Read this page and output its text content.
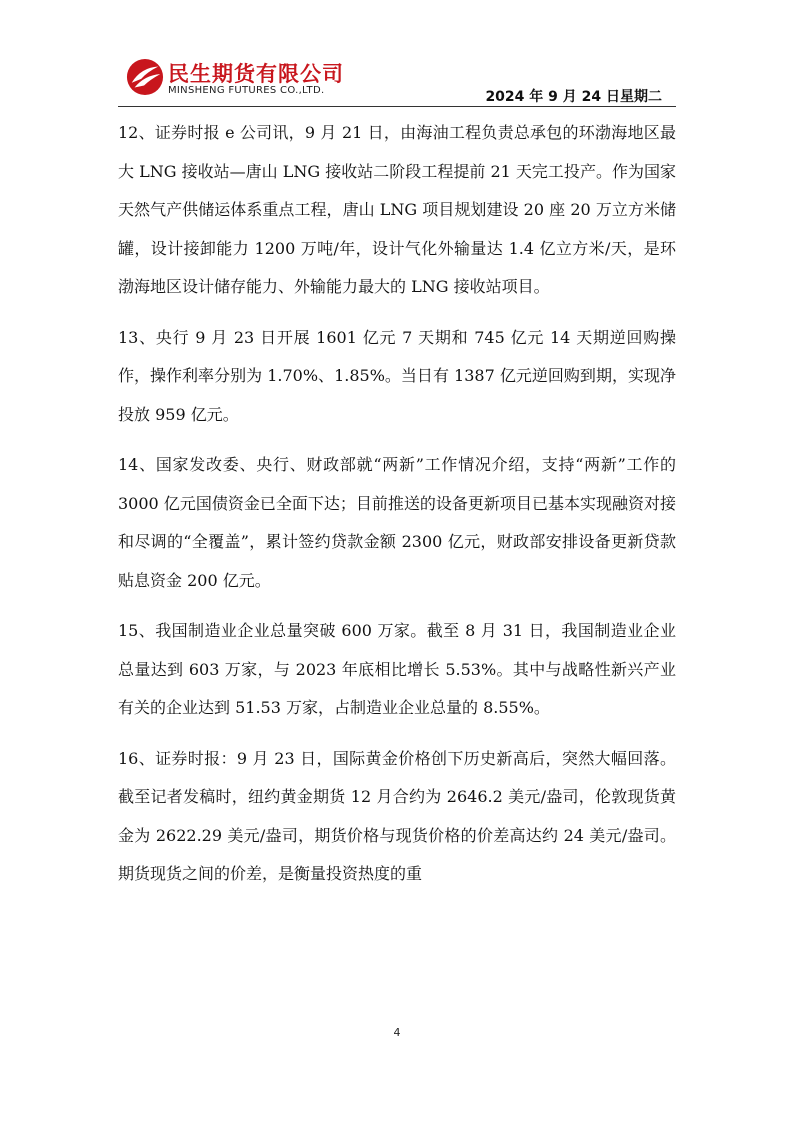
民生期货有限公司
MINSHENG FUTURES CO.,LTD.	2024 年 9 月 24 日星期二

12、证券时报 e 公司讯，9 月 21 日，由海油工程负责总承包的环渤海地区最大 LNG 接收站—唐山 LNG 接收站二阶段工程提前 21 天完工投产。作为国家天然气产供储运体系重点工程，唐山 LNG 项目规划建设 20 座 20 万立方米储罐，设计接卸能力 1200 万吨/年，设计气化外输量达 1.4 亿立方米/天，是环渤海地区设计储存能力、外输能力最大的 LNG 接收站项目。

13、央行 9 月 23 日开展 1601 亿元 7 天期和 745 亿元 14 天期逆回购操作，操作利率分别为 1.70%、1.85%。当日有 1387 亿元逆回购到期，实现净投放 959 亿元。

14、国家发改委、央行、财政部就“两新”工作情况介绍，支持“两新”工作的 3000 亿元国债资金已全面下达；目前推送的设备更新项目已基本实现融资对接和尽调的“全覆盖”，累计签约贷款金额 2300 亿元，财政部安排设备更新贷款贴息资金 200 亿元。

15、我国制造业企业总量突破 600 万家。截至 8 月 31 日，我国制造业企业总量达到 603 万家，与 2023 年底相比增长 5.53%。其中与战略性新兴产业有关的企业达到 51.53 万家，占制造业企业总量的 8.55%。

16、证券时报：9 月 23 日，国际黄金价格创下历史新高后，突然大幅回落。截至记者发稿时，纽约黄金期货 12 月合约为 2646.2 美元/盎司，伦敦现货黄金为 2622.29 美元/盎司，期货价格与现货价格的价差高达约 24 美元/盎司。期货现货之间的价差，是衡量投资热度的重

4
